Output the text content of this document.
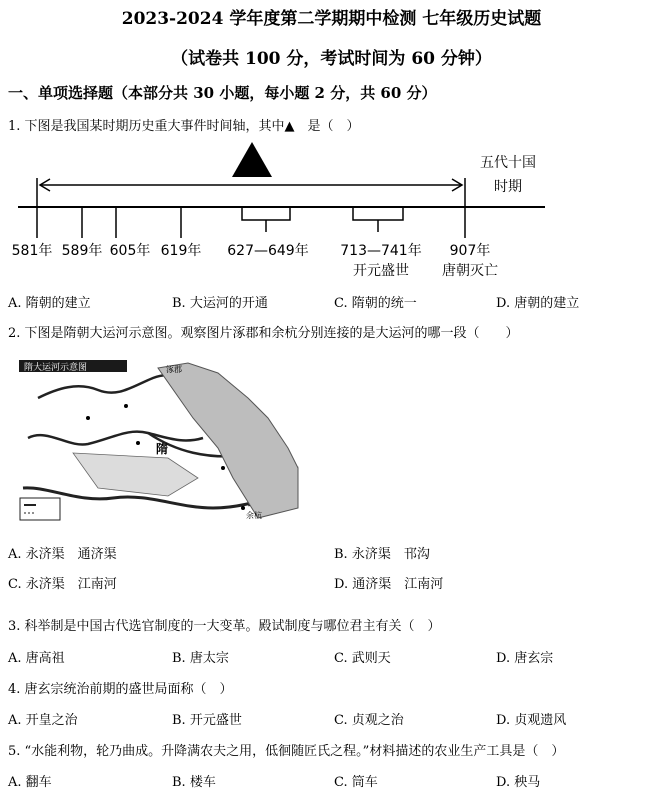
2023-2024 学年度第二学期期中检测 七年级历史试题
（试卷共 100 分，考试时间为 60 分钟）
一、单项选择题（本部分共 30 小题，每小题 2 分，共 60 分）
1. 下图是我国某时期历史重大事件时间轴，其中▲　是（　）
五代十国
时期
581年 589年 605年 619年	627—649年	713—741年	907年
开元盛世	唐朝灭亡
A. 隋朝的建立	B. 大运河的开通	C. 隋朝的统一	D. 唐朝的建立
2. 下图是隋朝大运河示意图。观察图片涿郡和余杭分别连接的是大运河的哪一段（　　）
隋大运河示意图
隋
涿郡
余杭
A. 永济渠　通济渠	B. 永济渠　邗沟
C. 永济渠　江南河	D. 通济渠　江南河
3. 科举制是中国古代选官制度的一大变革。殿试制度与哪位君主有关（　）
A. 唐高祖	B. 唐太宗	C. 武则天	D. 唐玄宗
4. 唐玄宗统治前期的盛世局面称（　）
A. 开皇之治	B. 开元盛世	C. 贞观之治	D. 贞观遗风
5. “水能利物，轮乃曲成。升降满农夫之用，低徊随匠氏之程。”材料描述的农业生产工具是（　）
A. 翻车	B. 楼车	C. 筒车	D. 秧马
